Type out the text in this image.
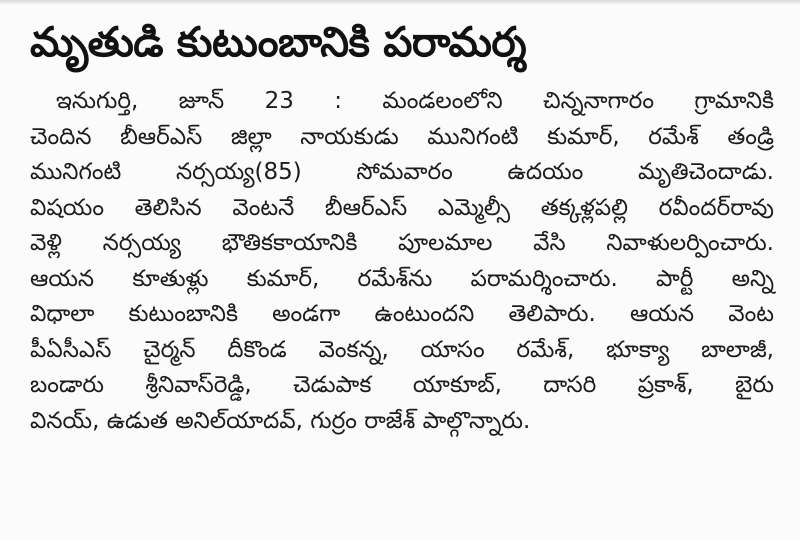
మృతుడి కుటుంబానికి పరామర్శ
ఇనుగుర్తి, జూన్ 23 : మండలంలోని చిన్ననాగారం గ్రామానికి
చెందిన బీఆర్ఎస్ జిల్లా నాయకుడు మునిగంటి కుమార్, రమేశ్ తండ్రి
మునిగంటి నర్సయ్య(85) సోమవారం ఉదయం మృతిచెందాడు.
విషయం తెలిసిన వెంటనే బీఆర్ఎస్ ఎమ్మెల్సీ తక్కళ్లపల్లి రవీందర్‌రావు
వెళ్లి నర్సయ్య భౌతికకాయానికి పూలమాల వేసి నివాళులర్పించారు.
ఆయన కూతుళ్లు కుమార్, రమేశ్‌ను పరామర్శించారు. పార్టీ అన్ని
విధాలా కుటుంబానికి అండగా ఉంటుందని తెలిపారు. ఆయన వెంట
పీఏసీఎస్ చైర్మన్ దీకొండ వెంకన్న, యాసం రమేశ్, భూక్యా బాలాజీ,
బండారు శ్రీనివాస్‌రెడ్డి, చెడుపాక యాకూబ్, దాసరి ప్రకాశ్, బైరు
వినయ్, ఉడుత అనిల్‌యాదవ్, గుర్రం రాజేశ్ పాల్గొన్నారు.
